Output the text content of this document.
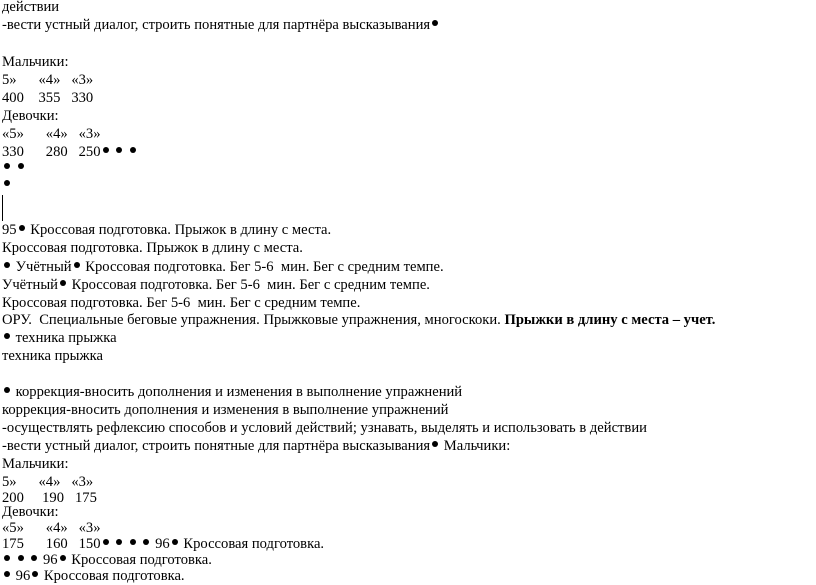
действии
-вести устный диалог, строить понятные для партнёра высказывания
Мальчики:
5»      «4»   «3»
400    355   330
Девочки:
«5»      «4»   «3»
330      280   250

95 Кроссовая подготовка. Прыжок в длину с места.
Кроссовая подготовка. Прыжок в длину с места.
Учётный Кроссовая подготовка. Бег 5-6  мин. Бег с средним темпе.
Учётный Кроссовая подготовка. Бег 5-6  мин. Бег с средним темпе.
Кроссовая подготовка. Бег 5-6  мин. Бег с средним темпе.
ОРУ.  Специальные беговые упражнения. Прыжковые упражнения, многоскоки. Прыжки в длину с места – учет.
техника прыжка
техника прыжка
коррекция-вносить дополнения и изменения в выполнение упражнений
коррекция-вносить дополнения и изменения в выполнение упражнений
-осуществлять рефлексию способов и условий действий; узнавать, выделять и использовать в действии
-вести устный диалог, строить понятные для партнёра высказывания Мальчики:
Мальчики:
5»      «4»   «3»
200     190   175
Девочки:
«5»      «4»   «3»
175      160   150	96 Кроссовая подготовка.
96 Кроссовая подготовка.
96 Кроссовая подготовка.
